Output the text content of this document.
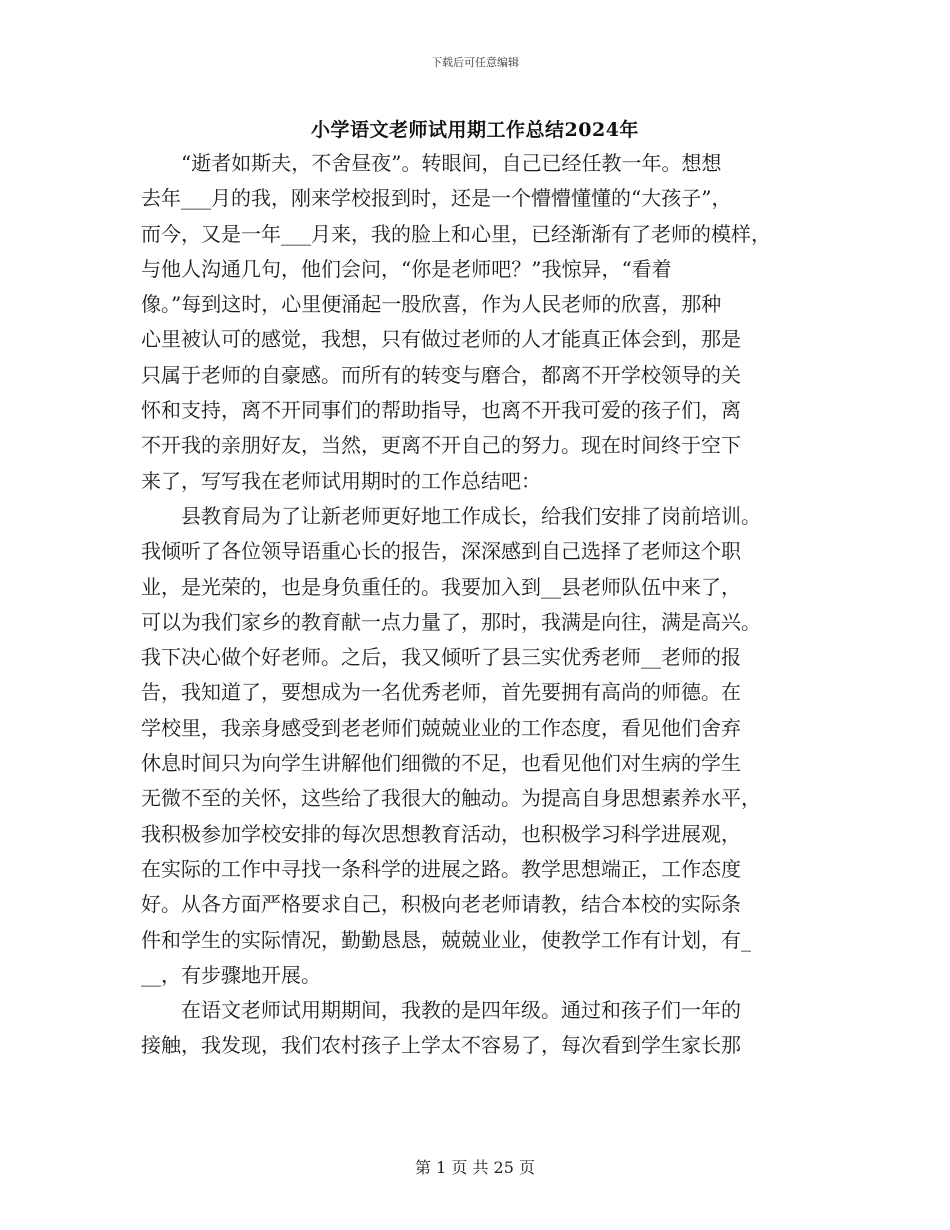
下载后可任意编辑
小学语文老师试用期工作总结2024年
　　“逝者如斯夫，不舍昼夜”。转眼间，自己已经任教一年。想想
去年___月的我，刚来学校报到时，还是一个懵懵懂懂的“大孩子”，
而今，又是一年___月来，我的脸上和心里，已经渐渐有了老师的模样，
与他人沟通几句，他们会问，“你是老师吧？”我惊异，“看着
像。”每到这时，心里便涌起一股欣喜，作为人民老师的欣喜，那种
心里被认可的感觉，我想，只有做过老师的人才能真正体会到，那是
只属于老师的自豪感。而所有的转变与磨合，都离不开学校领导的关
怀和支持，离不开同事们的帮助指导，也离不开我可爱的孩子们，离
不开我的亲朋好友，当然，更离不开自己的努力。现在时间终于空下
来了，写写我在老师试用期时的工作总结吧：
　　县教育局为了让新老师更好地工作成长，给我们安排了岗前培训。
我倾听了各位领导语重心长的报告，深深感到自己选择了老师这个职
业，是光荣的，也是身负重任的。我要加入到__县老师队伍中来了，
可以为我们家乡的教育献一点力量了，那时，我满是向往，满是高兴。
我下决心做个好老师。之后，我又倾听了县三实优秀老师__老师的报
告，我知道了，要想成为一名优秀老师，首先要拥有高尚的师德。在
学校里，我亲身感受到老老师们兢兢业业的工作态度，看见他们舍弃
休息时间只为向学生讲解他们细微的不足，也看见他们对生病的学生
无微不至的关怀，这些给了我很大的触动。为提高自身思想素养水平，
我积极参加学校安排的每次思想教育活动，也积极学习科学进展观，
在实际的工作中寻找一条科学的进展之路。教学思想端正，工作态度
好。从各方面严格要求自己，积极向老老师请教，结合本校的实际条
件和学生的实际情况，勤勤恳恳，兢兢业业，使教学工作有计划，有_
__，有步骤地开展。
　　在语文老师试用期期间，我教的是四年级。通过和孩子们一年的
接触，我发现，我们农村孩子上学太不容易了，每次看到学生家长那
第 1 页 共 25 页
